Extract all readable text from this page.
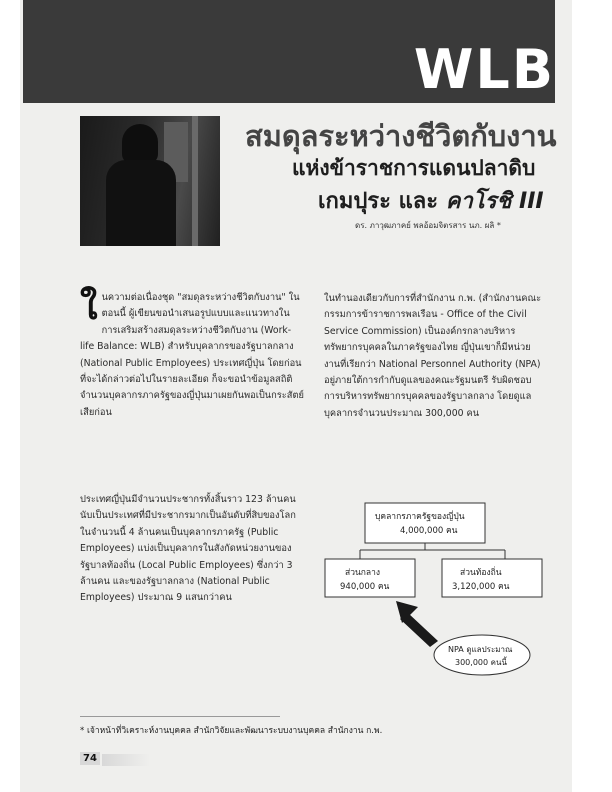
WLB
สมดุลระหว่างชีวิตกับงาน
แห่งข้าราชการแดนปลาดิบ
เกมปุระ และ คาโรชิ III
ดร. ภาวุฒภาคย์ พลอ้อมจิตรสาร นภ. ผลิ *
ใ นความต่อเนื่องชุด "สมดุลระหว่างชีวิตกับงาน" ในตอนนี้ ผู้เขียนขอนำเสนอรูปแบบและแนวทางในการเสริมสร้างสมดุลระหว่างชีวิตกับงาน (Work-life Balance: WLB) สำหรับบุคลากรของรัฐบาลกลาง (National Public Employees) ประเทศญี่ปุ่น โดยก่อนที่จะได้กล่าวต่อไปในรายละเอียด ก็จะขอนำข้อมูลสถิติจำนวนบุคลากรภาครัฐของญี่ปุ่นมาเผยกันพอเป็นกระสัตย์เสียก่อน
ประเทศญี่ปุ่นมีจำนวนประชากรทั้งสิ้นราว 123 ล้านคน นับเป็นประเทศที่มีประชากรมากเป็นอันดับที่สิบของโลก ในจำนวนนี้ 4 ล้านคนเป็นบุคลากรภาครัฐ (Public Employees) แบ่งเป็นบุคลากรในสังกัดหน่วยงานของรัฐบาลท้องถิ่น (Local Public Employees) ซึ่งกว่า 3 ล้านคน และของรัฐบาลกลาง (National Public Employees) ประมาณ 9 แสนกว่าคน
ในทำนองเดียวกับการที่สำนักงาน ก.พ. (สำนักงานคณะกรรมการข้าราชการพลเรือน - Office of the Civil Service Commission) เป็นองค์กรกลางบริหารทรัพยากรบุคคลในภาครัฐของไทย ญี่ปุ่นเขาก็มีหน่วยงานที่เรียกว่า National Personnel Authority (NPA) อยู่ภายใต้การกำกับดูแลของคณะรัฐมนตรี รับผิดชอบการบริหารทรัพยากรบุคคลของรัฐบาลกลาง โดยดูแลบุคลากรจำนวนประมาณ 300,000 คน
บุคลากรภาครัฐของญี่ปุ่น
4,000,000 คน
ส่วนกลาง
940,000 คน
ส่วนท้องถิ่น
3,120,000 คน
NPA ดูแลประมาณ
300,000 คนนี้
* เจ้าหน้าที่วิเคราะห์งานบุคคล สำนักวิจัยและพัฒนาระบบงานบุคคล สำนักงาน ก.พ.
74
